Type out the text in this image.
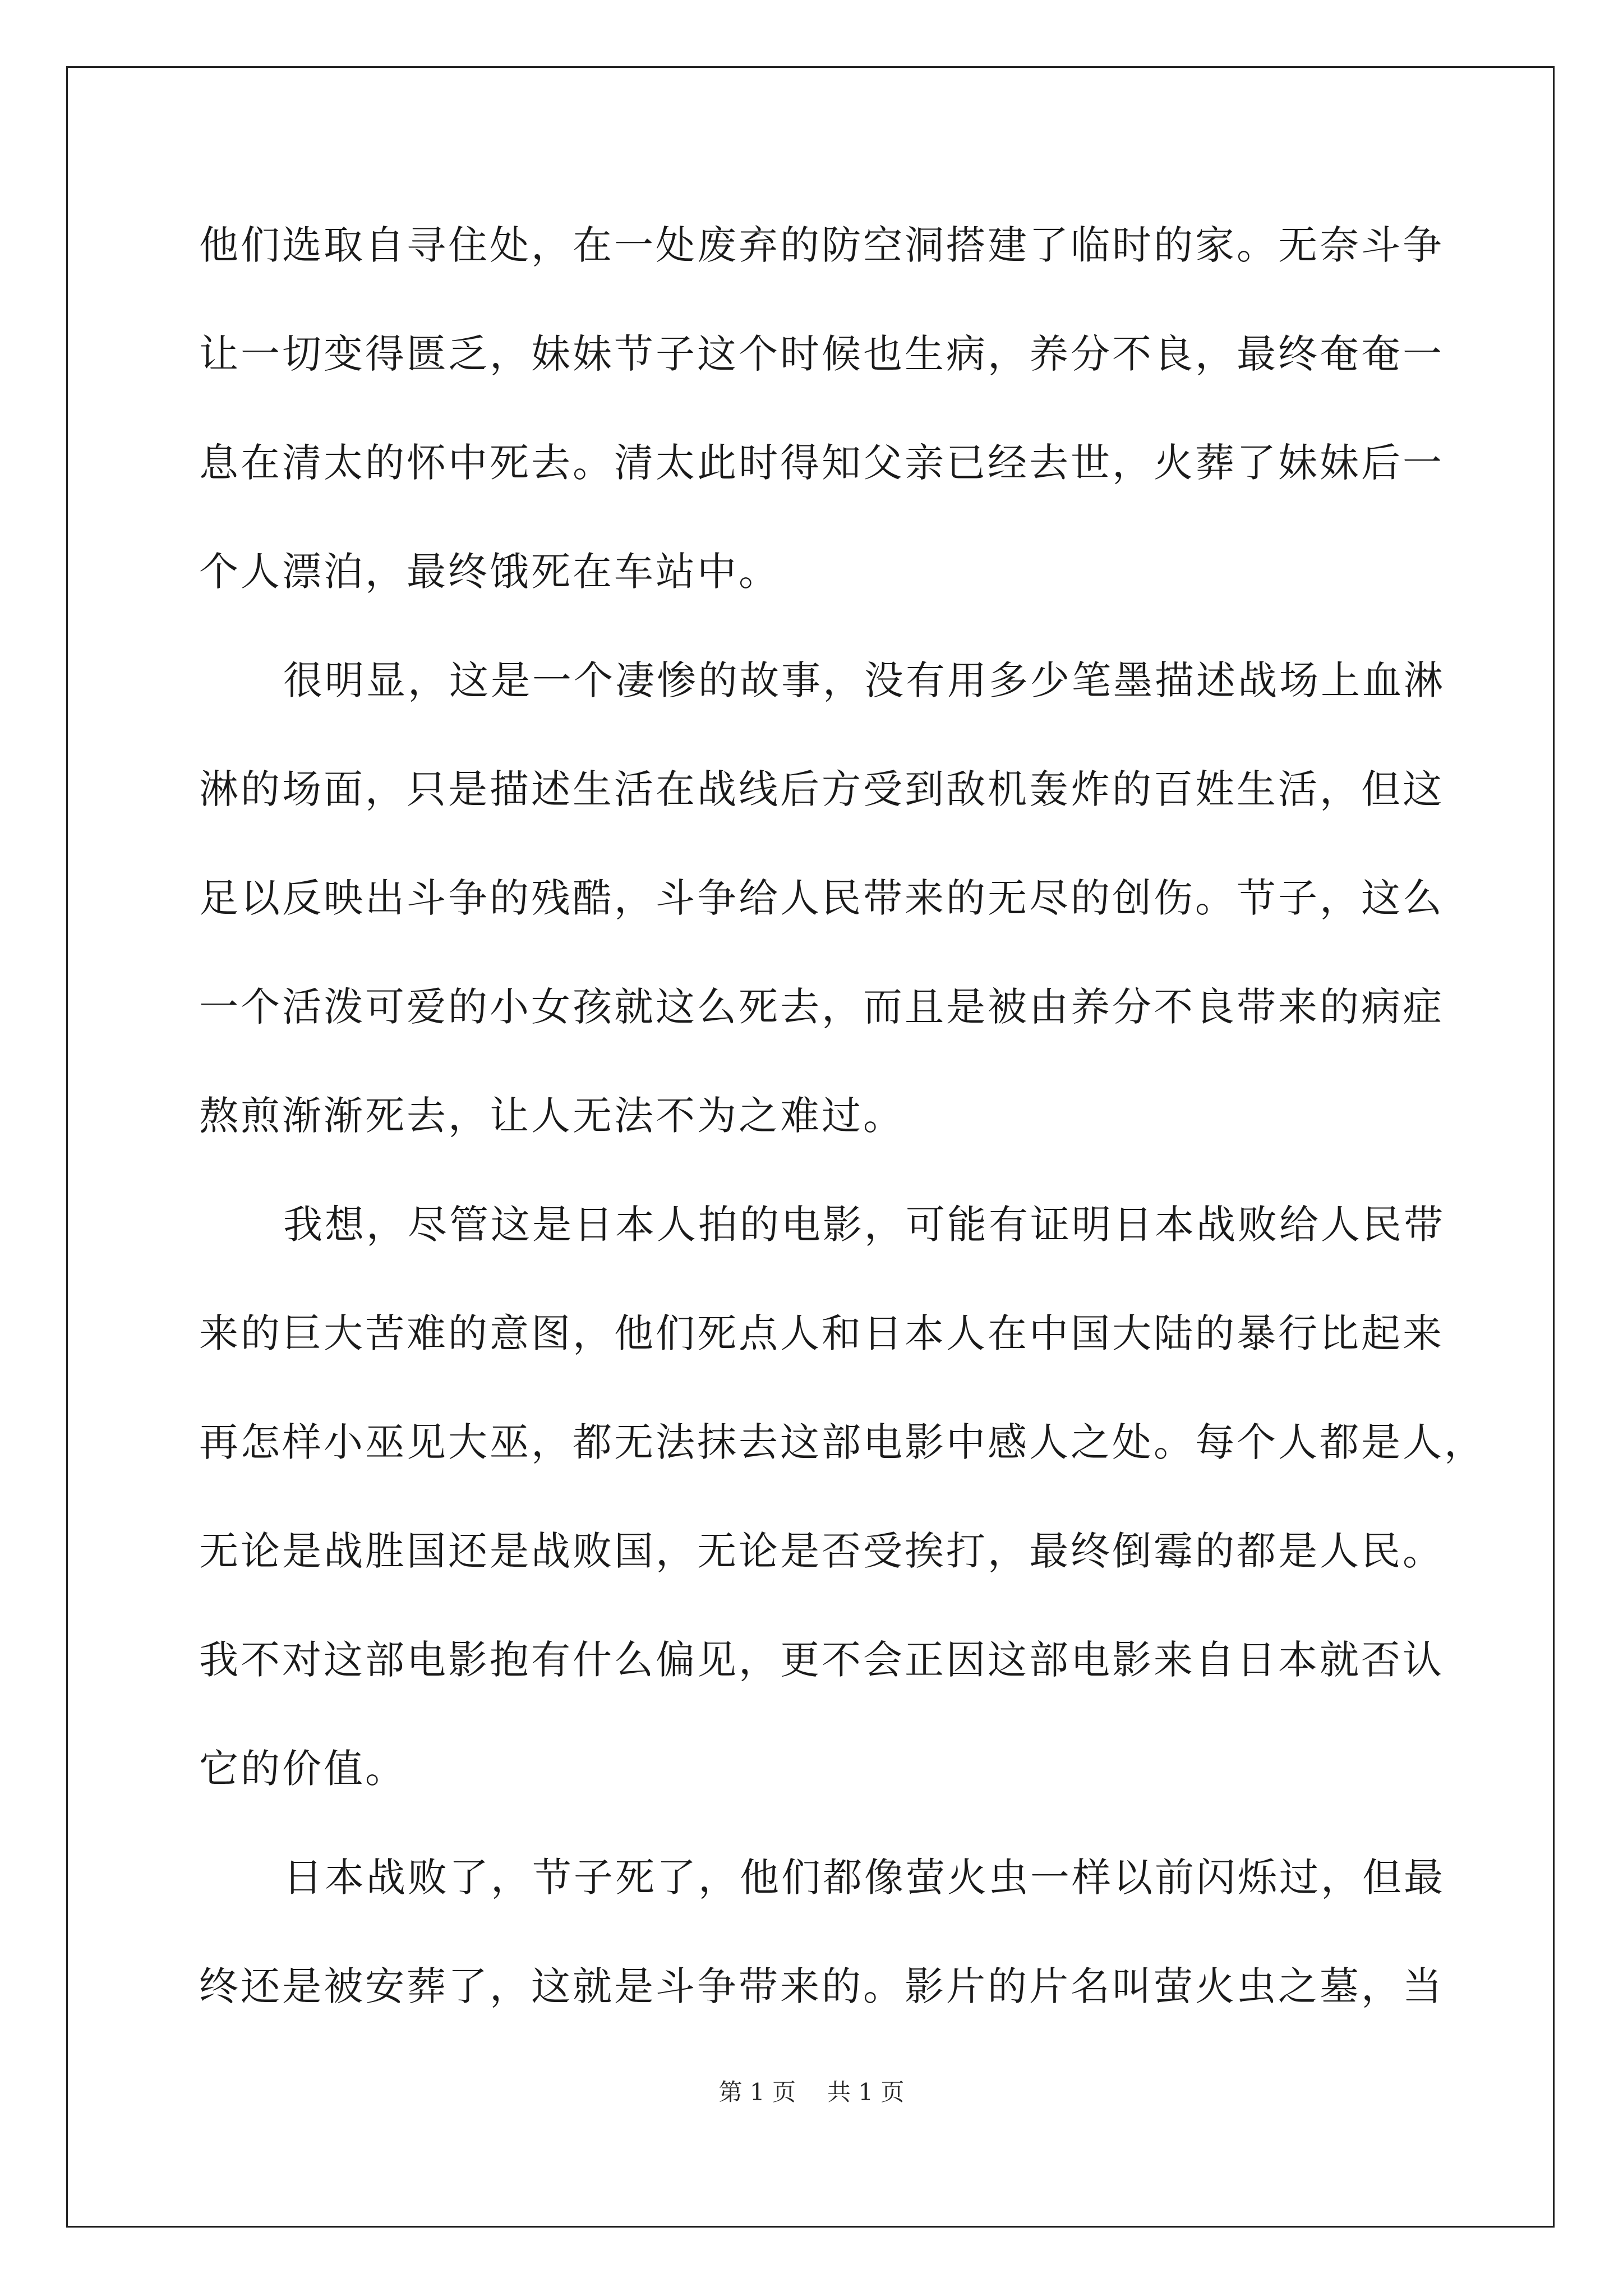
他们选取自寻住处，在一处废弃的防空洞搭建了临时的家。无奈斗争
让一切变得匮乏，妹妹节子这个时候也生病，养分不良，最终奄奄一
息在清太的怀中死去。清太此时得知父亲已经去世，火葬了妹妹后一
个人漂泊，最终饿死在车站中。
很明显，这是一个凄惨的故事，没有用多少笔墨描述战场上血淋
淋的场面，只是描述生活在战线后方受到敌机轰炸的百姓生活，但这
足以反映出斗争的残酷，斗争给人民带来的无尽的创伤。节子，这么
一个活泼可爱的小女孩就这么死去，而且是被由养分不良带来的病症
熬煎渐渐死去，让人无法不为之难过。
我想，尽管这是日本人拍的电影，可能有证明日本战败给人民带
来的巨大苦难的意图，他们死点人和日本人在中国大陆的暴行比起来
再怎样小巫见大巫，都无法抹去这部电影中感人之处。每个人都是人，
无论是战胜国还是战败国，无论是否受挨打，最终倒霉的都是人民。
我不对这部电影抱有什么偏见，更不会正因这部电影来自日本就否认
它的价值。
日本战败了，节子死了，他们都像萤火虫一样以前闪烁过，但最
终还是被安葬了，这就是斗争带来的。影片的片名叫萤火虫之墓，当
第 1 页 共 1 页
